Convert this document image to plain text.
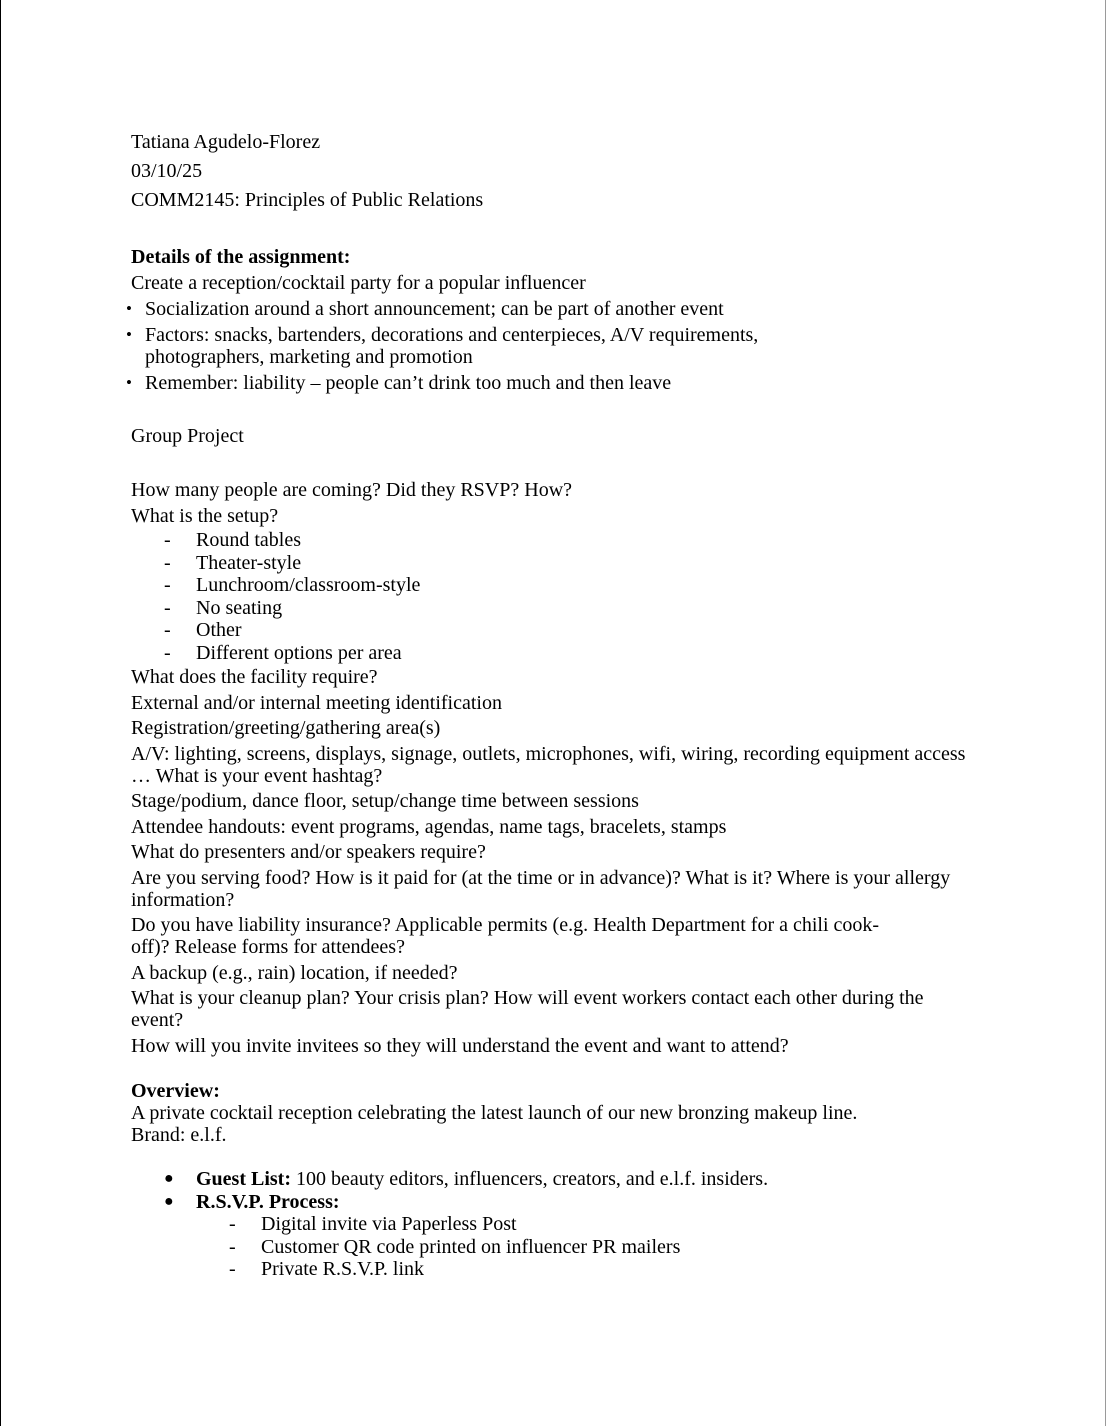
Tatiana Agudelo-Florez

03/10/25

COMM2145: Principles of Public Relations

Details of the assignment:

Create a reception/cocktail party for a popular influencer

• Socialization around a short announcement; can be part of another event
• Factors: snacks, bartenders, decorations and centerpieces, A/V requirements, photographers, marketing and promotion
• Remember: liability – people can’t drink too much and then leave

Group Project

How many people are coming? Did they RSVP? How?

What is the setup?

- Round tables
- Theater-style
- Lunchroom/classroom-style
- No seating
- Other
- Different options per area
What does the facility require?
External and/or internal meeting identification
Registration/greeting/gathering area(s)
A/V: lighting, screens, displays, signage, outlets, microphones, wifi, wiring, recording equipment access … What is your event hashtag?
Stage/podium, dance floor, setup/change time between sessions
Attendee handouts: event programs, agendas, name tags, bracelets, stamps
What do presenters and/or speakers require?
Are you serving food? How is it paid for (at the time or in advance)? What is it? Where is your allergy information?
Do you have liability insurance? Applicable permits (e.g. Health Department for a chili cook-off)? Release forms for attendees?
A backup (e.g., rain) location, if needed?
What is your cleanup plan? Your crisis plan? How will event workers contact each other during the event?
How will you invite invitees so they will understand the event and want to attend?
Overview:
A private cocktail reception celebrating the latest launch of our new bronzing makeup line.
Brand: e.l.f.
● Guest List: 100 beauty editors, influencers, creators, and e.l.f. insiders.
● R.S.V.P. Process:
- Digital invite via Paperless Post
- Customer QR code printed on influencer PR mailers
- Private R.S.V.P. link
